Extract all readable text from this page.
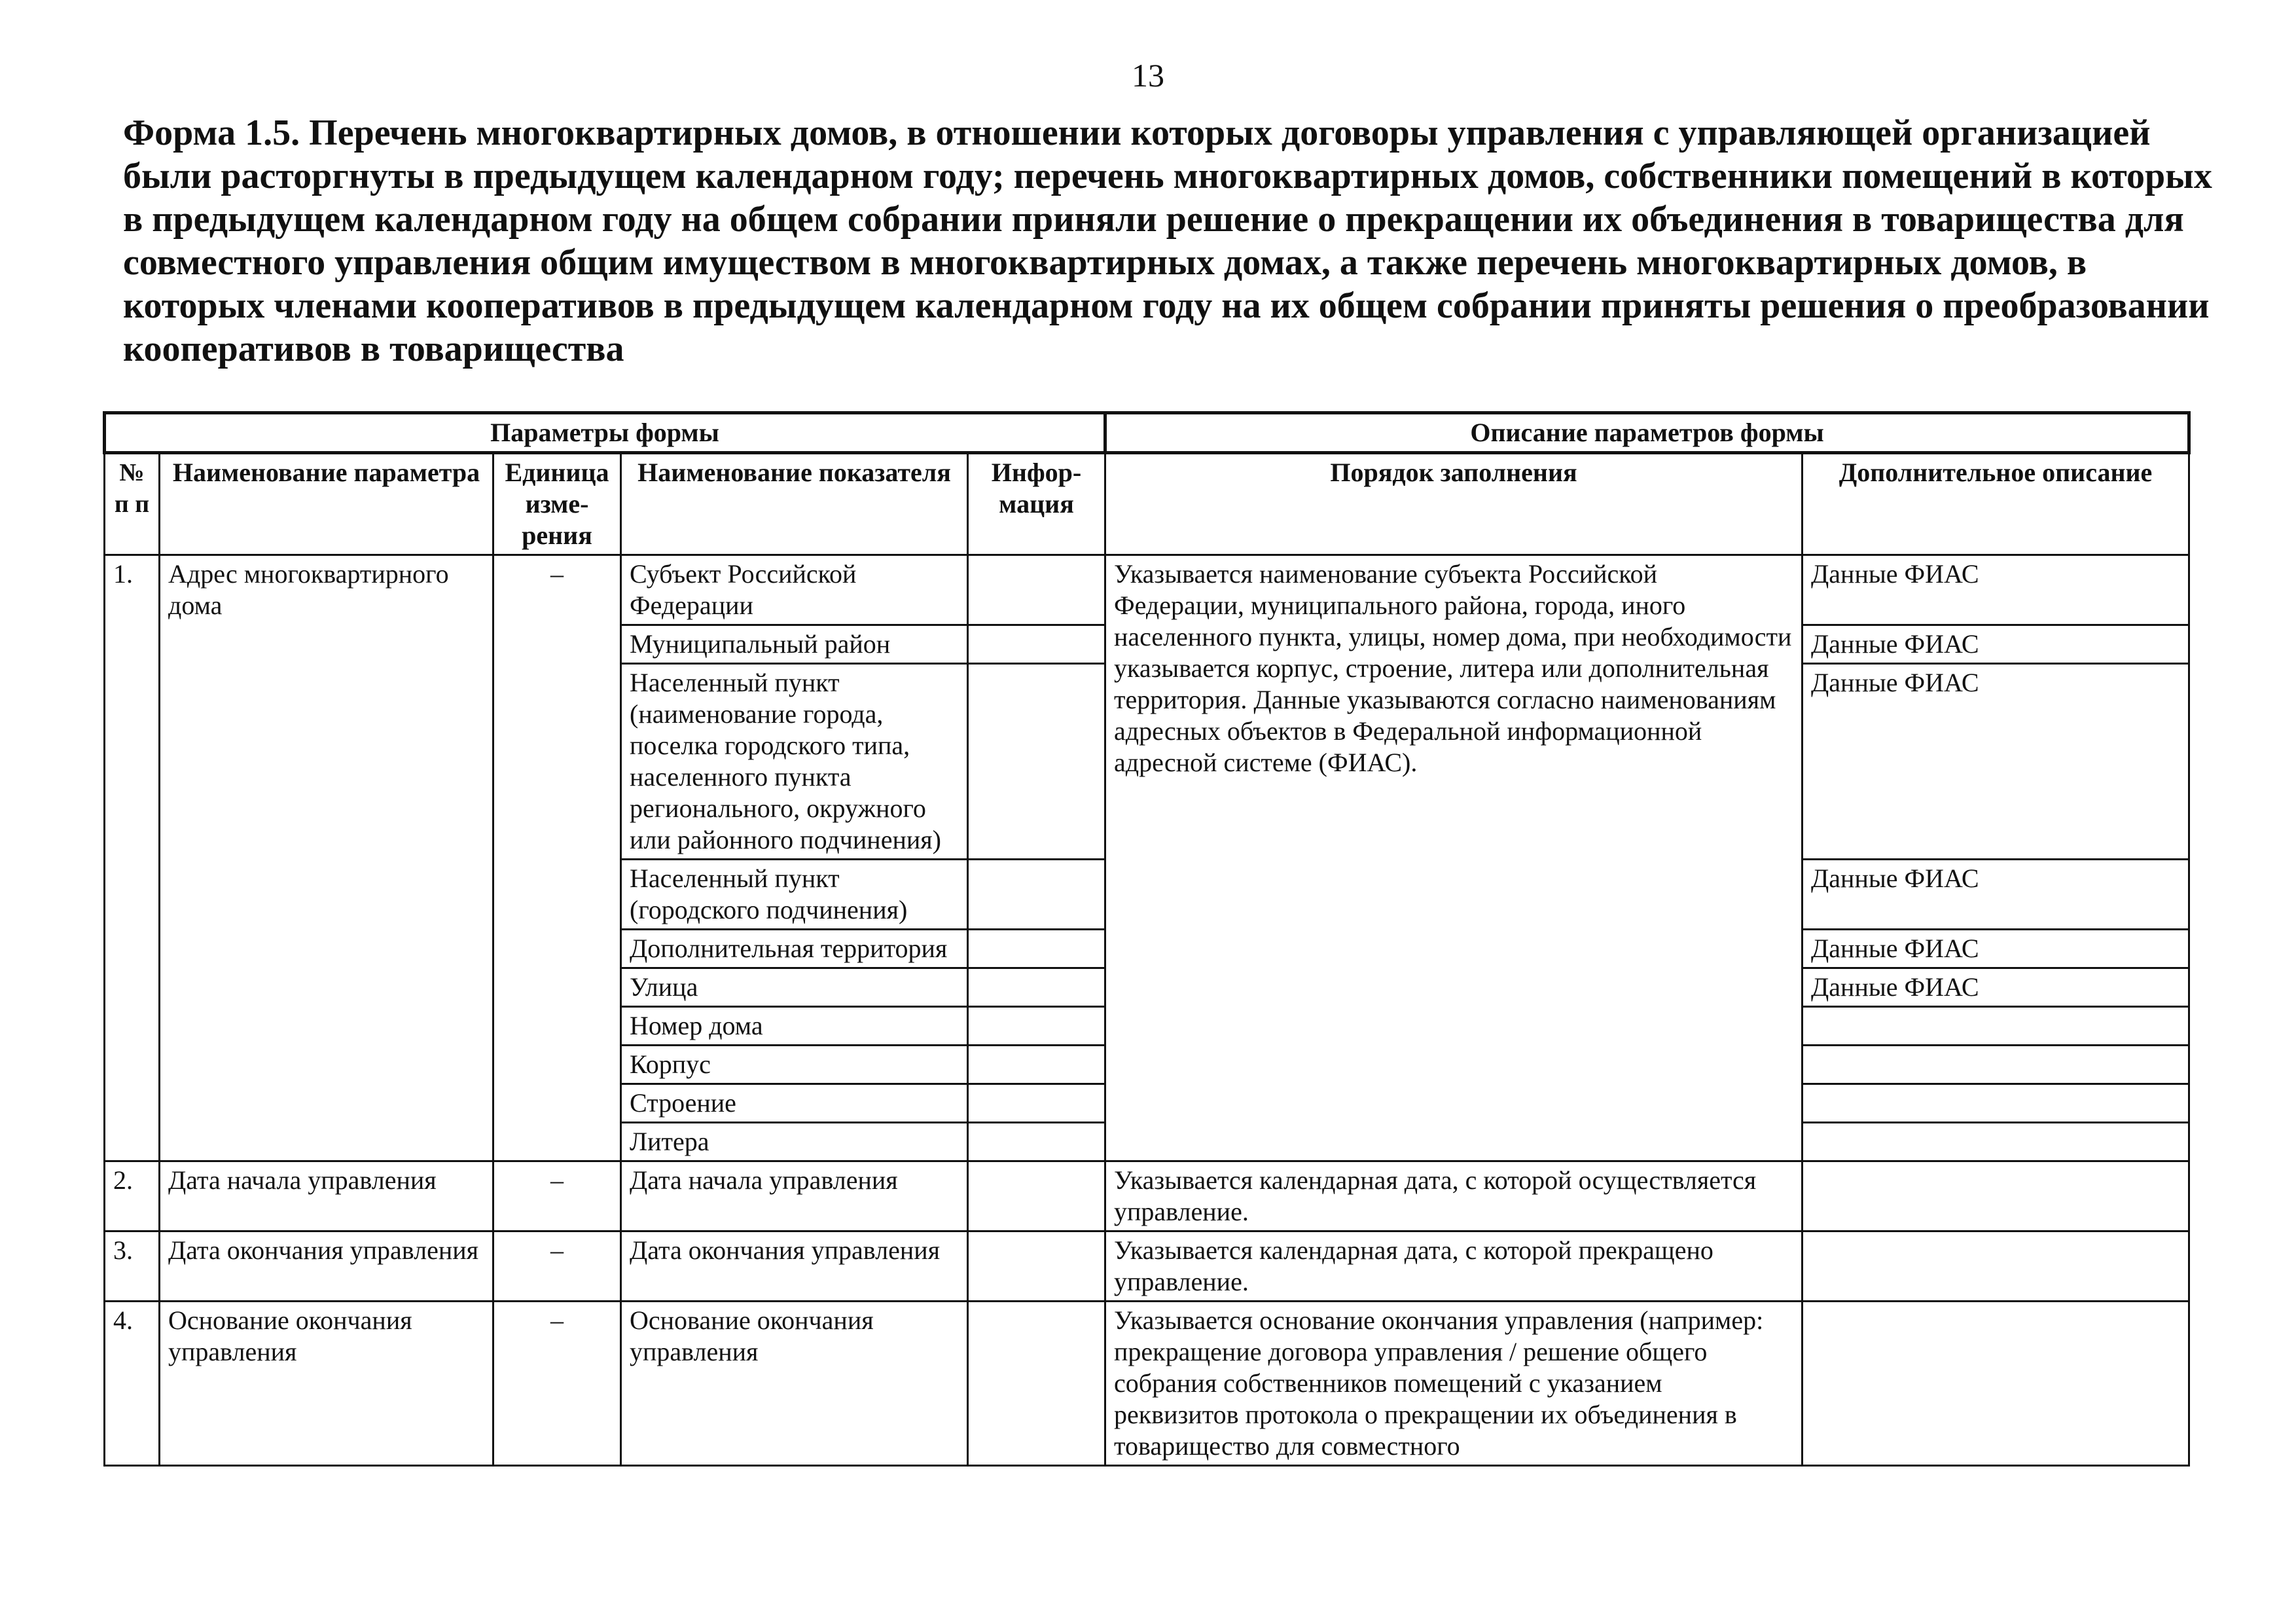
13

Форма 1.5. Перечень многоквартирных домов, в отношении которых договоры управления с управляющей организацией были расторгнуты в предыдущем календарном году; перечень многоквартирных домов, собственники помещений в которых в предыдущем календарном году на общем собрании приняли решение о прекращении их объединения в товарищества для совместного управления общим имуществом в многоквартирных домах, а также перечень многоквартирных домов, в которых членами кооперативов в предыдущем календарном году на их общем собрании приняты решения о преобразовании кооперативов в товарищества

Параметры формы					Описание параметров формы	
№ п п	Наименование параметра	Единица изме-рения	Наименование показателя	Инфор-мация	Порядок заполнения	Дополнительное описание
1.	Адрес многоквартирного дома	–	Субъект Российской Федерации		Указывается наименование субъекта Российской Федерации, муниципального района, города, иного населенного пункта, улицы, номер дома, при необходимости указывается корпус, строение, литера или дополнительная территория. Данные указываются согласно наименованиям адресных объектов в Федеральной информационной адресной системе (ФИАС).	Данные ФИАС
			Муниципальный район			Данные ФИАС
			Населенный пункт (наименование города, поселка городского типа, населенного пункта регионального, окружного или районного подчинения)			Данные ФИАС
			Населенный пункт (городского подчинения)			Данные ФИАС
			Дополнительная территория			Данные ФИАС
			Улица			Данные ФИАС
			Номер дома			
			Корпус			
			Строение			
			Литера			
2.	Дата начала управления	–	Дата начала управления		Указывается календарная дата, с которой осуществляется управление.	
3.	Дата окончания управления	–	Дата окончания управления		Указывается календарная дата, с которой прекращено управление.	
4.	Основание окончания управления	–	Основание окончания управления		Указывается основание окончания управления (например: прекращение договора управления / решение общего собрания собственников помещений с указанием реквизитов протокола о прекращении их объединения в товарищество для совместного	
